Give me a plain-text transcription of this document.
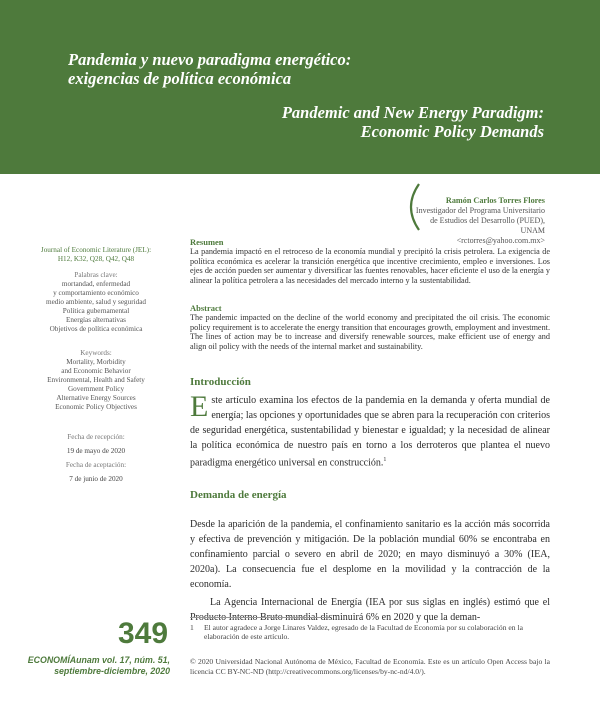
Pandemia y nuevo paradigma energético:
exigencias de política económica
Pandemic and New Energy Paradigm:
Economic Policy Demands
Ramón Carlos Torres Flores
Investigador del Programa Universitario
de Estudios del Desarrollo (PUED), UNAM
<rctorres@yahoo.com.mx>
Journal of Economic Literature (JEL):
H12, K32, Q28, Q42, Q48
Palabras clave:
mortandad, enfermedad
y comportamiento económico
medio ambiente, salud y seguridad
Política gubernamental
Energías alternativas
Objetivos de política económica
Keywords:
Mortality, Morbidity
and Economic Behavior
Environmental, Health and Safety
Government Policy
Alternative Energy Sources
Economic Policy Objectives
Fecha de recepción:
19 de mayo de 2020
Fecha de aceptación:
7 de junio de 2020
Resumen
La pandemia impactó en el retroceso de la economía mundial y precipitó la crisis petrolera. La exigencia de política económica es acelerar la transición energética que incentive crecimiento, empleo e inversiones. Los ejes de acción pueden ser aumentar y diversificar las fuentes renovables, hacer eficiente el uso de la energía y alinear la política petrolera a las necesidades del mercado interno y la sustentabilidad.
Abstract
The pandemic impacted on the decline of the world economy and precipitated the oil crisis. The economic policy requirement is to accelerate the energy transition that encourages growth, employment and investment. The lines of action may be to increase and diversify renewable sources, make efficient use of energy and align oil policy with the needs of the internal market and sustainability.
Introducción
Este artículo examina los efectos de la pandemia en la demanda y oferta mundial de energía; las opciones y oportunidades que se abren para la recuperación con criterios de seguridad energética, sustentabilidad y bienestar e igualdad; y la necesidad de alinear la política económica de nuestro país en torno a los derroteros que plantea el nuevo paradigma energético universal en construcción.$^1$
Demanda de energía
Desde la aparición de la pandemia, el confinamiento sanitario es la acción más socorrida y efectiva de prevención y mitigación. De la población mundial 60% se encontraba en confinamiento parcial o severo en abril de 2020; en mayo disminuyó a 30% (IEA, 2020a). La consecuencia fue el desplome en la movilidad y la contracción de la economía.
La Agencia Internacional de Energía (IEA por sus siglas en inglés) estimó que el Producto Interno Bruto mundial disminuirá 6% en 2020 y que la deman-
1 El autor agradece a Jorge Linares Valdez, egresado de la Facultad de Economía por su colaboración en la elaboración de este artículo.
349
ECONOMÍAunam vol. 17, núm. 51,
septiembre-diciembre, 2020
© 2020 Universidad Nacional Autónoma de México, Facultad de Economía. Este es un artículo Open Access bajo la licencia CC BY-NC-ND (http://creativecommons.org/licenses/by-nc-nd/4.0/).
